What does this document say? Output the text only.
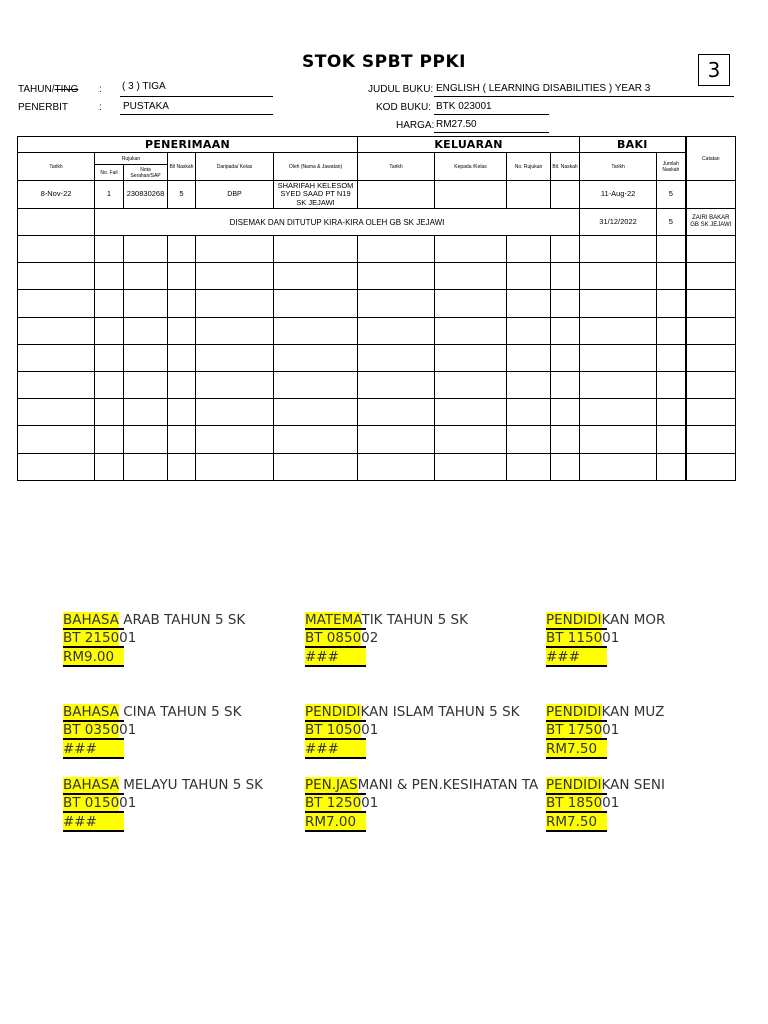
STOK SPBT PPKI	3
TAHUN/TING : ( 3 ) TIGA
PENERBIT	:	PUSTAKA
JUDUL BUKU: ENGLISH ( LEARNING DISABILITIES ) YEAR 3
KOD BUKU: BTK 023001
HARGA: RM27.50
PENERIMAAN						KELUARAN				BAKI		Catatan
Tarikh	Rujukan		Bil Naskah	Daripada/ Kelas	Oleh (Nama & Jawatan)	Tarikh	Kepada /Kelas	No. Rujukan	Bil. Naskah	Tarikh	Jumlah Naskah	
	No. Fail	Nota Serahan/SAP										
8-Nov-22	1	230830268	5	DBP	SHARIFAH KELESOM SYED SAAD PT N19 SK JEJAWI					11-Aug-22	5	
	DISEMAK DAN DITUTUP KIRA-KIRA OLEH GB SK JEJAWI									31/12/2022	5	ZAIRI BAKAR GB SK JEJAWI

BAHASA ARAB TAHUN 5 SK
BT 215001
RM9.00
MATEMATIK TAHUN 5 SK
BT 085002
###
PENDIDIKAN MOR
BT 115001
###
BAHASA CINA TAHUN 5 SK
BT 035001
###
PENDIDIKAN ISLAM TAHUN 5 SK
BT 105001
###
PENDIDIKAN MUZ
BT 175001
RM7.50
BAHASA MELAYU TAHUN 5 SK
BT 015001
###
PEN.JASMANI & PEN.KESIHATAN TA
BT 125001
RM7.00
PENDIDIKAN SENI
BT 185001
RM7.50
